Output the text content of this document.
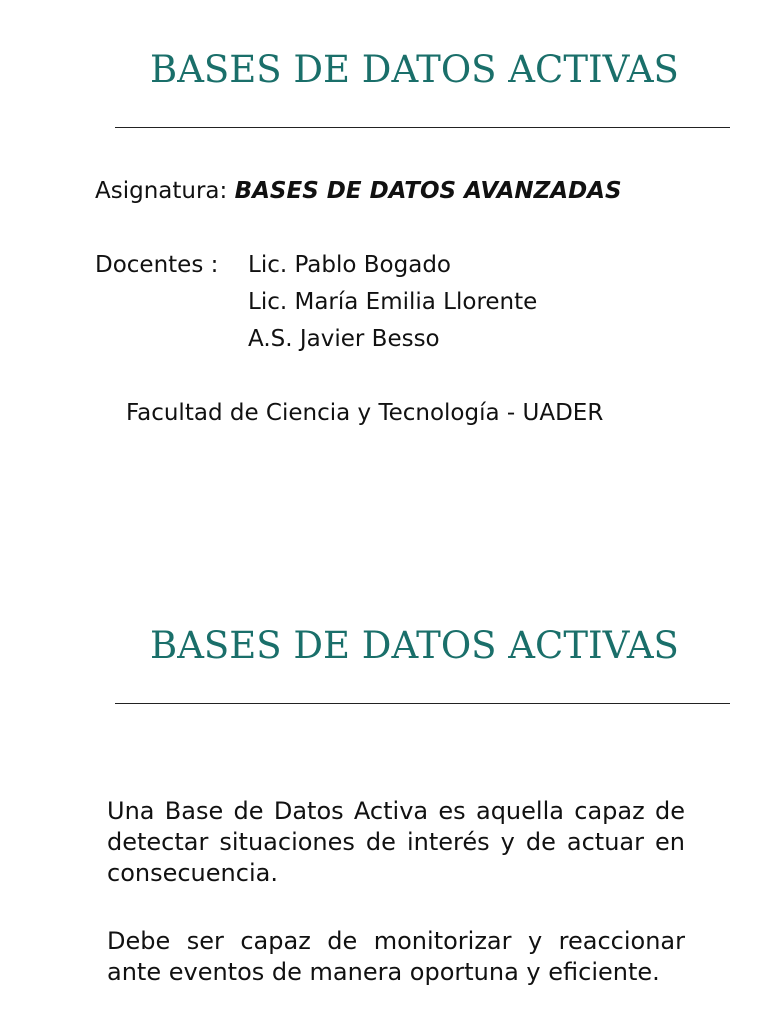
BASES DE DATOS ACTIVAS
Asignatura: BASES DE DATOS AVANZADAS
Docentes : Lic. Pablo Bogado
Lic. María Emilia Llorente
A.S. Javier Besso
Facultad de Ciencia y Tecnología - UADER
BASES DE DATOS ACTIVAS

Una Base de Datos Activa es aquella capaz de detectar situaciones de interés y de actuar en consecuencia.

Debe ser capaz de monitorizar y reaccionar ante eventos de manera oportuna y eficiente.
